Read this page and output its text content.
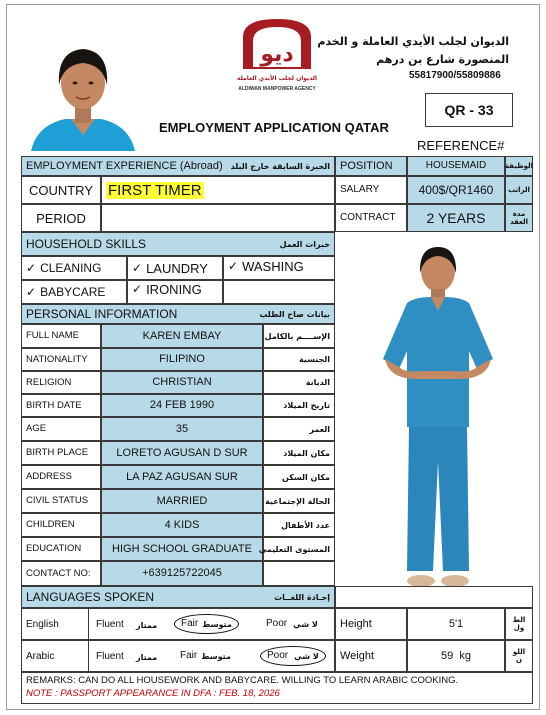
ديو
الديوان لجلب الأيدي العاملة
ALDIWAN MANPOWER AGENCY
الديوان لجلب الأيدي العاملة و الخدم
المنصورة شارع بن درهم
55817900/55809886
EMPLOYMENT APPLICATION QATAR
QR - 33
REFERENCE#
EMPLOYMENT EXPERIENCE (Abroad) الخبرة السابقة خارج البلد
COUNTRY FIRST TIMER
PERIOD
POSITION	HOUSEMAID	الوظيفة
SALARY	400$/QR1460 الراتب
CONTRACT 2 YEARS	مدة
العقد
HOUSEHOLD SKILLS	خبرات العمل
✓ CLEANING	✓ LAUNDRY ✓ WASHING
✓ BABYCARE ✓ IRONING
PERSONAL INFORMATION	بيانات صاح الطلب
FULL NAME	KAREN EMBAY	الإســــم بالكامل
NATIONALITY	FILIPINO	الجنسية
RELIGION	CHRISTIAN	الديانة
BIRTH DATE	24 FEB 1990	تاريخ الميلاد
AGE	35	العمر
BIRTH PLACE	LORETO AGUSAN D SUR	مكان الميلاد
ADDRESS	LA PAZ AGUSAN SUR	مكان السكن
CIVIL STATUS	MARRIED	الحالة الإجتماعية
CHILDREN	4 KIDS	عدد الأطفال
EDUCATION	HIGH SCHOOL GRADUATE المستوى التعليمي
CONTACT NO:	+639125722045
LANGUAGES SPOKEN	إجـادة اللغــات
English	Fluent ممتاز Fair متوسط	Poor لا شي
Arabic	Fluent ممتاز Fair متوسط	Poor لا شي
Height	5'1	الط
ول
Weight	59  kg	اللو
ن
REMARKS: CAN DO ALL HOUSEWORK AND BABYCARE. WILLING TO LEARN ARABIC COOKING.
NOTE : PASSPORT APPEARANCE IN DFA : FEB. 18, 2026
